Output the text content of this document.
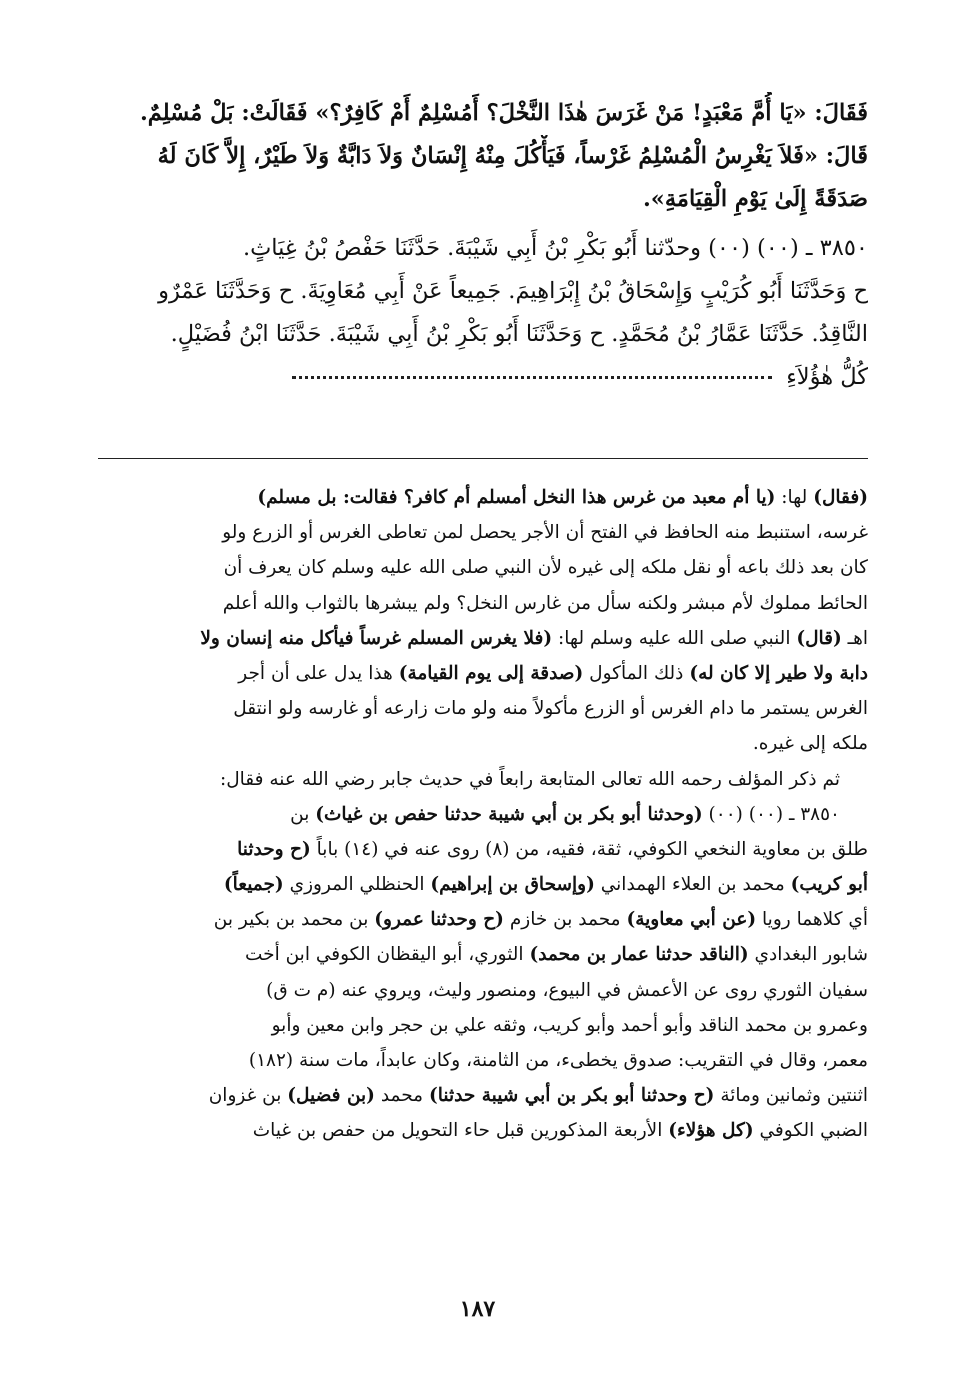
فَقَالَ: «يَا أُمَّ مَعْبَدٍ! مَنْ غَرَسَ هٰذَا النَّخْلَ؟ أَمُسْلِمٌ أَمْ كَافِرٌ؟» فَقَالَتْ: بَلْ مُسْلِمٌ.
قَالَ: «فَلاَ يَغْرِسُ الْمُسْلِمُ غَرْساً، فَيَأْكُلَ مِنْهُ إِنْسَانٌ وَلاَ دَابَّةٌ وَلاَ طَيْرٌ، إِلاَّ كَانَ لَهُ
صَدَقَةً إِلَىٰ يَوْمِ الْقِيَامَةِ».
٣٨٥٠ ـ (٠٠) (٠٠) وحدّثنا أَبُو بَكْرِ بْنُ أَبِي شَيْبَةَ. حَدَّثَنَا حَفْصُ بْنُ غِيَاثٍ.
ح وَحَدَّثَنَا أَبُو كُرَيْبٍ وَإِسْحَاقُ بْنُ إِبْرَاهِيمَ. جَمِيعاً عَنْ أَبِي مُعَاوِيَةَ. ح وَحَدَّثَنَا عَمْرٌو
النَّاقِدُ. حَدَّثَنَا عَمَّارُ بْنُ مُحَمَّدٍ. ح وَحَدَّثَنَا أَبُو بَكْرِ بْنُ أَبِي شَيْبَةَ. حَدَّثَنَا ابْنُ فُضَيْلٍ.
كُلُّ هٰؤُلاَءِ
(فقال)

لها:

(يا أم معبد من غرس هذا النخل أمسلم أم كافر؟ فقالت: بل مسلم)
غرسه، استنبط منه الحافظ في الفتح أن الأجر يحصل لمن تعاطى الغرس أو الزرع ولو
كان بعد ذلك باعه أو نقل ملكه إلى غيره لأن النبي صلى الله عليه وسلم كان يعرف أن
الحائط مملوك لأم مبشر ولكنه سأل من غارس النخل؟ ولم يبشرها بالثواب والله أعلم
اهـ

(قال)

النبي صلى الله عليه وسلم لها:

(فلا يغرس المسلم غرساً فيأكل منه إنسان ولا
دابة ولا طير إلا كان له)

ذلك المأكول

(صدقة إلى يوم القيامة)

هذا يدل على أن أجر
الغرس يستمر ما دام الغرس أو الزرع مأكولاً منه ولو مات زارعه أو غارسه ولو انتقل
ملكه إلى غيره.
ثم ذكر المؤلف رحمه الله تعالى المتابعة رابعاً في حديث جابر رضي الله عنه فقال:
٣٨٥٠ ـ (٠٠) (٠٠)

(وحدثنا أبو بكر بن أبي شيبة حدثنا حفص بن غياث)

بن
طلق بن معاوية النخعي الكوفي، ثقة، فقيه، من (٨) روى عنه في (١٤) باباً

(ح وحدثنا
أبو كريب)

محمد بن العلاء الهمداني

(وإسحاق بن إبراهيم)

الحنظلي المروزي

(جميعاً)
أي كلاهما رويا

(عن أبي معاوية)

محمد بن خازم

(ح وحدثنا عمرو)

بن محمد بن بكير بن
شابور البغدادي

(الناقد حدثنا عمار بن محمد)

الثوري، أبو اليقظان الكوفي ابن أخت
سفيان الثوري روى عن الأعمش في البيوع، ومنصور وليث، ويروي عنه (م ت ق)
وعمرو بن محمد الناقد وأبو أحمد وأبو كريب، وثقه علي بن حجر وابن معين وأبو
معمر، وقال في التقريب: صدوق يخطىء، من الثامنة، وكان عابداً، مات سنة (١٨٢)
اثنتين وثمانين ومائة

(ح وحدثنا أبو بكر بن أبي شيبة حدثنا)

محمد

(بن فضيل)

بن غزوان
الضبي الكوفي

(كل هؤلاء)

الأربعة المذكورين قبل حاء التحويل من حفص بن غياث
١٨٧
